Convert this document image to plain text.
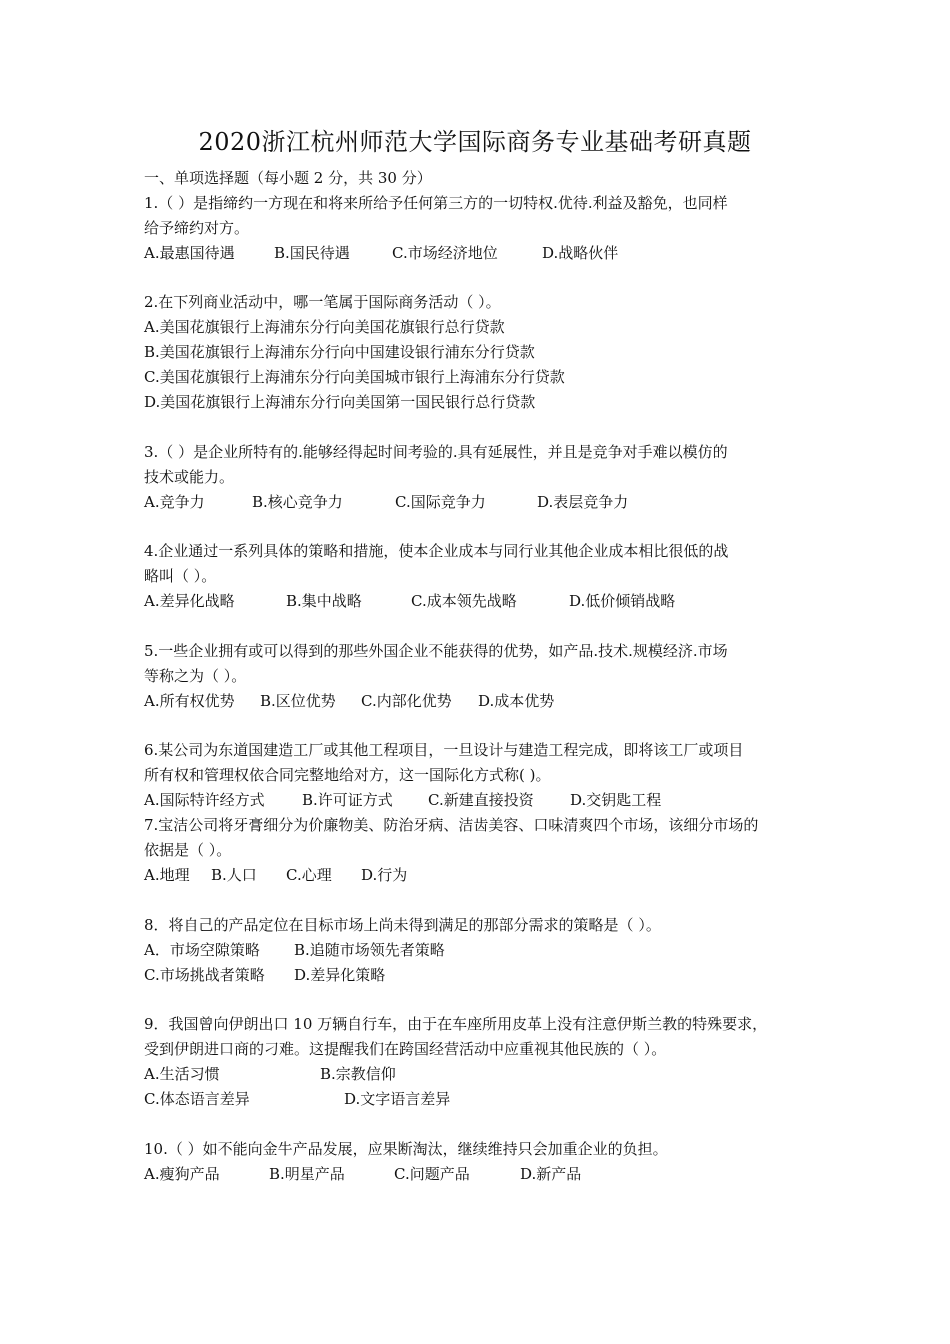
2020浙江杭州师范大学国际商务专业基础考研真题
一、单项选择题（每小题 2 分，共 30 分）
1.（ ）是指缔约一方现在和将来所给予任何第三方的一切特权.优待.利益及豁免，也同样
给予缔约对方。
A.最惠国待遇	B.国民待遇	C.市场经济地位	D.战略伙伴
2.在下列商业活动中，哪一笔属于国际商务活动（ ）。
A.美国花旗银行上海浦东分行向美国花旗银行总行贷款
B.美国花旗银行上海浦东分行向中国建设银行浦东分行贷款
C.美国花旗银行上海浦东分行向美国城市银行上海浦东分行贷款
D.美国花旗银行上海浦东分行向美国第一国民银行总行贷款
3.（ ）是企业所特有的.能够经得起时间考验的.具有延展性，并且是竞争对手难以模仿的
技术或能力。
A.竞争力	B.核心竞争力	C.国际竞争力	D.表层竞争力
4.企业通过一系列具体的策略和措施，使本企业成本与同行业其他企业成本相比很低的战
略叫（ ）。
A.差异化战略	B.集中战略	C.成本领先战略	D.低价倾销战略
5.一些企业拥有或可以得到的那些外国企业不能获得的优势，如产品.技术.规模经济.市场
等称之为（ ）。
A.所有权优势 B.区位优势 C.内部化优势 D.成本优势
6.某公司为东道国建造工厂或其他工程项目，一旦设计与建造工程完成，即将该工厂或项目
所有权和管理权依合同完整地给对方，这一国际化方式称( )。
A.国际特许经方式 B.许可证方式 C.新建直接投资 D.交钥匙工程
7.宝洁公司将牙膏细分为价廉物美、防治牙病、洁齿美容、口味清爽四个市场，该细分市场的
依据是（ ）。
A.地理 B.人口 C.心理 D.行为
8．将自己的产品定位在目标市场上尚未得到满足的那部分需求的策略是（ ）。
A．市场空隙策略 B.追随市场领先者策略
C.市场挑战者策略 D.差异化策略
9．我国曾向伊朗出口 10 万辆自行车，由于在车座所用皮革上没有注意伊斯兰教的特殊要求，
受到伊朗进口商的刁难。这提醒我们在跨国经营活动中应重视其他民族的（ ）。
A.生活习惯	B.宗教信仰
C.体态语言差异	D.文字语言差异
10.（ ）如不能向金牛产品发展，应果断淘汰，继续维持只会加重企业的负担。
A.瘦狗产品	B.明星产品	C.问题产品	D.新产品
